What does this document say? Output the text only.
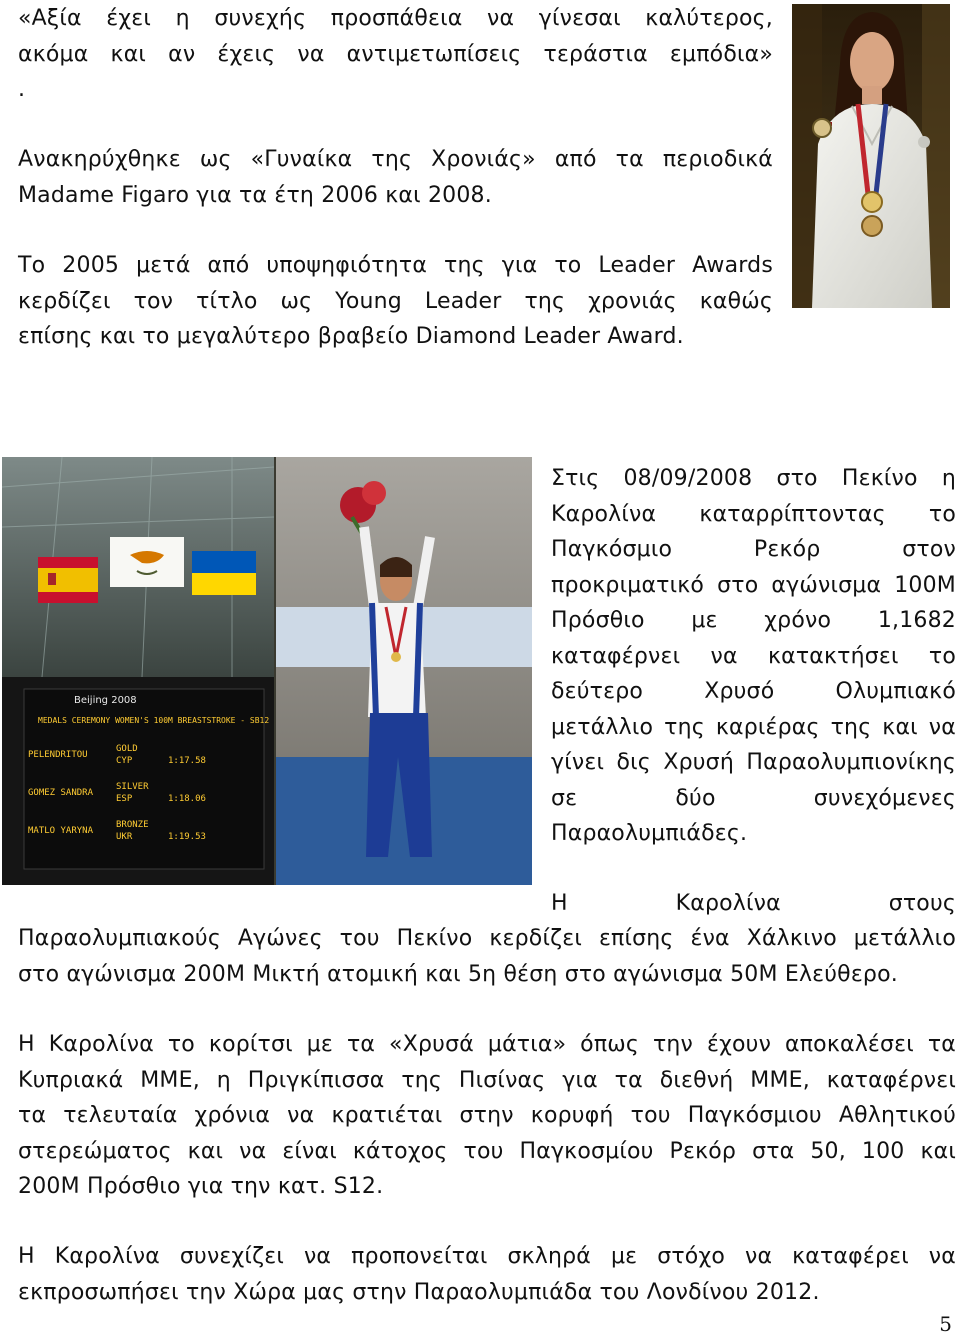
«Αξία έχει η συνεχής προσπάθεια να γίνεσαι καλύτερος,
ακόμα και αν έχεις να αντιμετωπίσεις τεράστια εμπόδια»
.
Ανακηρύχθηκε ως «Γυναίκα της Χρονιάς» από τα περιοδικά
Madame Figaro για τα έτη 2006 και 2008.
Το 2005 μετά από υποψηφιότητα της για το Leader Awards
κερδίζει τον τίτλο ως Young Leader της χρονιάς καθώς
επίσης και το μεγαλύτερο βραβείο Diamond Leader Award.
Beijing 2008
MEDALS CEREMONY WOMEN'S 100M BREASTSTROKE - SB12
PELENDRITOU
GOLD
CYP	1:17.58
GOMEZ SANDRA
SILVER
ESP	1:18.06
MATLO YARYNA
BRONZE
UKR	1:19.53
Στις 08/09/2008 στο Πεκίνο η
Καρολίνα καταρρίπτοντας το
Παγκόσμιο Ρεκόρ στον
προκριματικό στο αγώνισμα 100Μ
Πρόσθιο με χρόνο 1,1682
καταφέρνει να κατακτήσει το
δεύτερο Χρυσό Ολυμπιακό
μετάλλιο της καριέρας της και να
γίνει δις Χρυσή Παραολυμπιονίκης
σε δύο συνεχόμενες
Παραολυμπιάδες.
Η Καρολίνα στους
Παραολυμπιακούς Αγώνες του Πεκίνο κερδίζει επίσης ένα Χάλκινο μετάλλιο
στο αγώνισμα 200Μ Μικτή ατομική και 5η θέση στο αγώνισμα 50Μ Ελεύθερο.
Η Καρολίνα το κορίτσι με τα «Χρυσά μάτια» όπως την έχουν αποκαλέσει τα
Κυπριακά ΜΜΕ, η Πριγκίπισσα της Πισίνας για τα διεθνή ΜΜΕ, καταφέρνει
τα τελευταία χρόνια να κρατιέται στην κορυφή του Παγκόσμιου Αθλητικού
στερεώματος και να είναι κάτοχος του Παγκοσμίου Ρεκόρ στα 50, 100 και
200Μ Πρόσθιο για την κατ. S12.
Η Καρολίνα συνεχίζει να προπονείται σκληρά με στόχο να καταφέρει να
εκπροσωπήσει την Χώρα μας στην Παραολυμπιάδα του Λονδίνου 2012.
5
